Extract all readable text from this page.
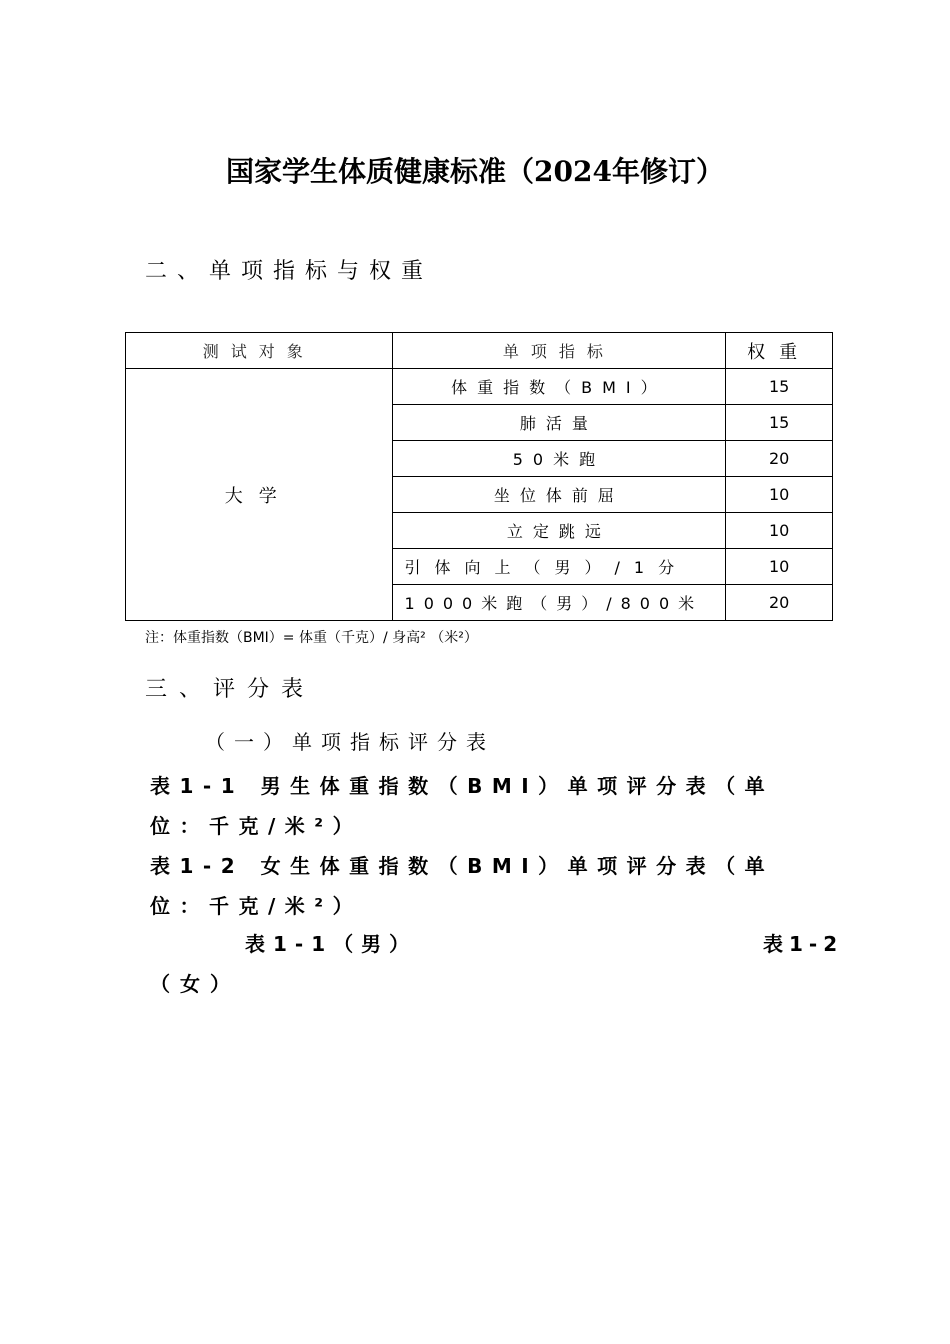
国家学生体质健康标准（2024年修订）
二、单项指标与权重
测试对象	单项指标	权重
大学	体重指数（BMI）	15
	肺活量	15
	50米跑	20
	坐位体前屈	10
	立定跳远	10
	引体向上（男）/1分	10
	1000米跑（男）/800米	20
注：体重指数（BMI）= 体重（千克）/ 身高² （米²）
三、评分表
（一）单项指标评分表
表1-1 男生体重指数（BMI）单项评分表（单位：千克/米²）
表1-2 女生体重指数（BMI）单项评分表（单位：千克/米²）
表1-1（男）	表1-2
（女）
